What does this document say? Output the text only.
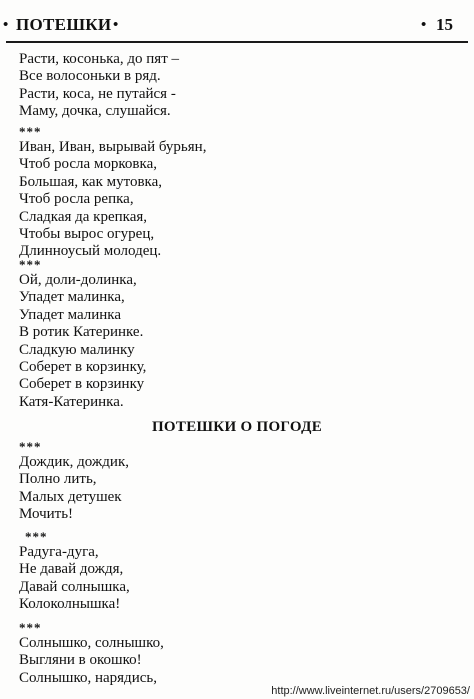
• ПОТЕШКИ •	• 15
Расти, косонька, до пят –
Все волосоньки в ряд.
Расти, коса, не путайся -
Маму, дочка, слушайся.
***
Иван, Иван, вырывай бурьян,
Чтоб росла морковка,
Большая, как мутовка,
Чтоб росла репка,
Сладкая да крепкая,
Чтобы вырос огурец,
Длинноусый молодец.
***
Ой, доли-долинка,
Упадет малинка,
Упадет малинка
В ротик Катеринке.
Сладкую малинку
Соберет в корзинку,
Соберет в корзинку
Катя-Катеринка.
ПОТЕШКИ О ПОГОДЕ
***
Дождик, дождик,
Полно лить,
Малых детушек
Мочить!
***
Радуга-дуга,
Не давай дождя,
Давай солнышка,
Колоколнышка!
***
Солнышко, солнышко,
Выгляни в окошко!
Солнышко, нарядись,
http://www.liveinternet.ru/users/2709653/
